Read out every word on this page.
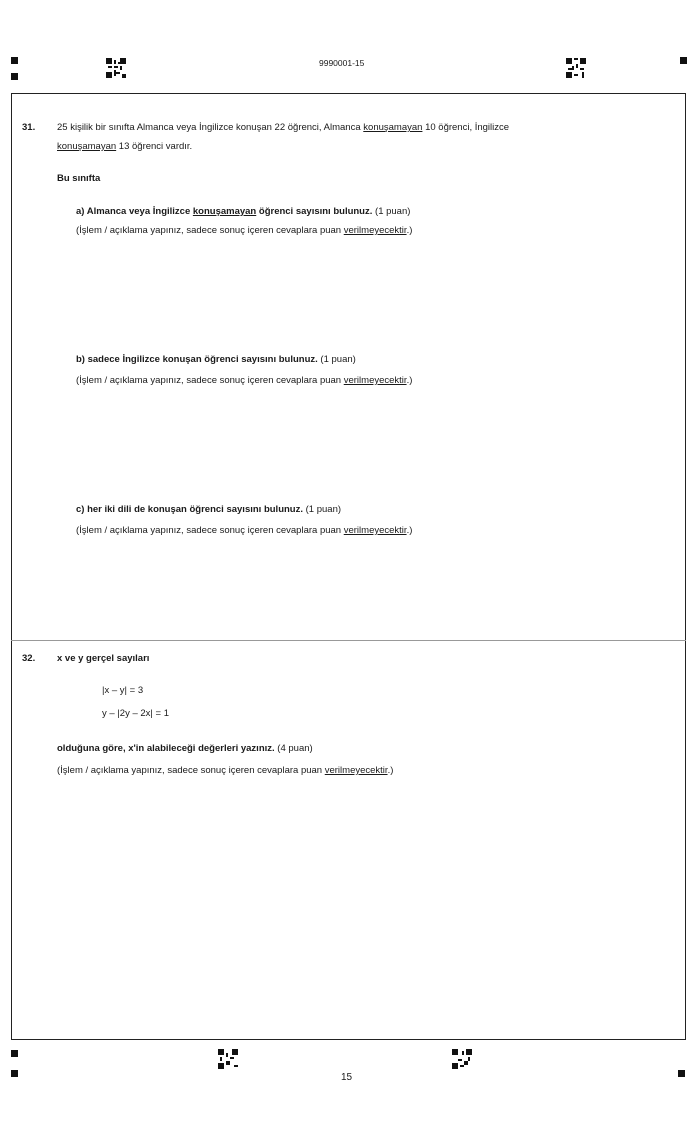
9990001-15
31. 25 kişilik bir sınıfta Almanca veya İngilizce konuşan 22 öğrenci, Almanca konuşamayan 10 öğrenci, İngilizce
konuşamayan 13 öğrenci vardır.
Bu sınıfta
a) Almanca veya İngilizce konuşamayan öğrenci sayısını bulunuz. (1 puan)
(İşlem / açıklama yapınız, sadece sonuç içeren cevaplara puan verilmeyecektir.)
b) sadece İngilizce konuşan öğrenci sayısını bulunuz. (1 puan)
(İşlem / açıklama yapınız, sadece sonuç içeren cevaplara puan verilmeyecektir.)
c) her iki dili de konuşan öğrenci sayısını bulunuz. (1 puan)
(İşlem / açıklama yapınız, sadece sonuç içeren cevaplara puan verilmeyecektir.)
32. x ve y gerçel sayıları
|x – y| = 3
y – |2y – 2x| = 1
olduğuna göre, x'in alabileceği değerleri yazınız. (4 puan)
(İşlem / açıklama yapınız, sadece sonuç içeren cevaplara puan verilmeyecektir.)
15
